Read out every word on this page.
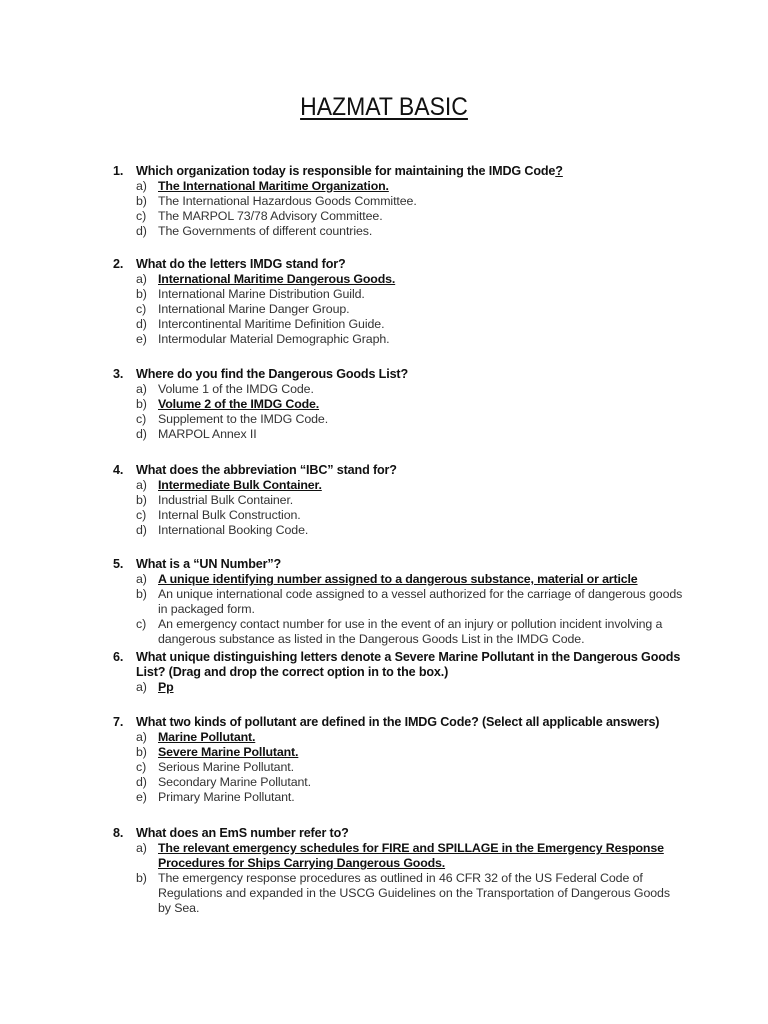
HAZMAT BASIC
1.	Which organization today is responsible for maintaining the IMDG Code?
a) The International Maritime Organization.
b) The International Hazardous Goods Committee.
c) The MARPOL 73/78 Advisory Committee.
d) The Governments of different countries.
2.	What do the letters IMDG stand for?
a) International Maritime Dangerous Goods.
b) International Marine Distribution Guild.
c) International Marine Danger Group.
d) Intercontinental Maritime Definition Guide.
e) Intermodular Material Demographic Graph.
3.	Where do you find the Dangerous Goods List?
a) Volume 1 of the IMDG Code.
b) Volume 2 of the IMDG Code.
c) Supplement to the IMDG Code.
d) MARPOL Annex II
4.	What does the abbreviation “IBC” stand for?
a) Intermediate Bulk Container.
b) Industrial Bulk Container.
c) Internal Bulk Construction.
d) International Booking Code.
5.	What is a “UN Number”?
a) A unique identifying number assigned to a dangerous substance, material or article
b) An unique international code assigned to a vessel authorized for the carriage of dangerous goods in packaged form.
c) An emergency contact number for use in the event of an injury or pollution incident involving a dangerous substance as listed in the Dangerous Goods List in the IMDG Code.
6.	What unique distinguishing letters denote a Severe Marine Pollutant in the Dangerous Goods List? (Drag and drop the correct option in to the box.)
a) Pp
7.	What two kinds of pollutant are defined in the IMDG Code? (Select all applicable answers)
a) Marine Pollutant.
b) Severe Marine Pollutant.
c) Serious Marine Pollutant.
d) Secondary Marine Pollutant.
e) Primary Marine Pollutant.
8.	What does an EmS number refer to?
a) The relevant emergency schedules for FIRE and SPILLAGE in the Emergency Response Procedures for Ships Carrying Dangerous Goods.
b) The emergency response procedures as outlined in 46 CFR 32 of the US Federal Code of Regulations and expanded in the USCG Guidelines on the Transportation of Dangerous Goods by Sea.
